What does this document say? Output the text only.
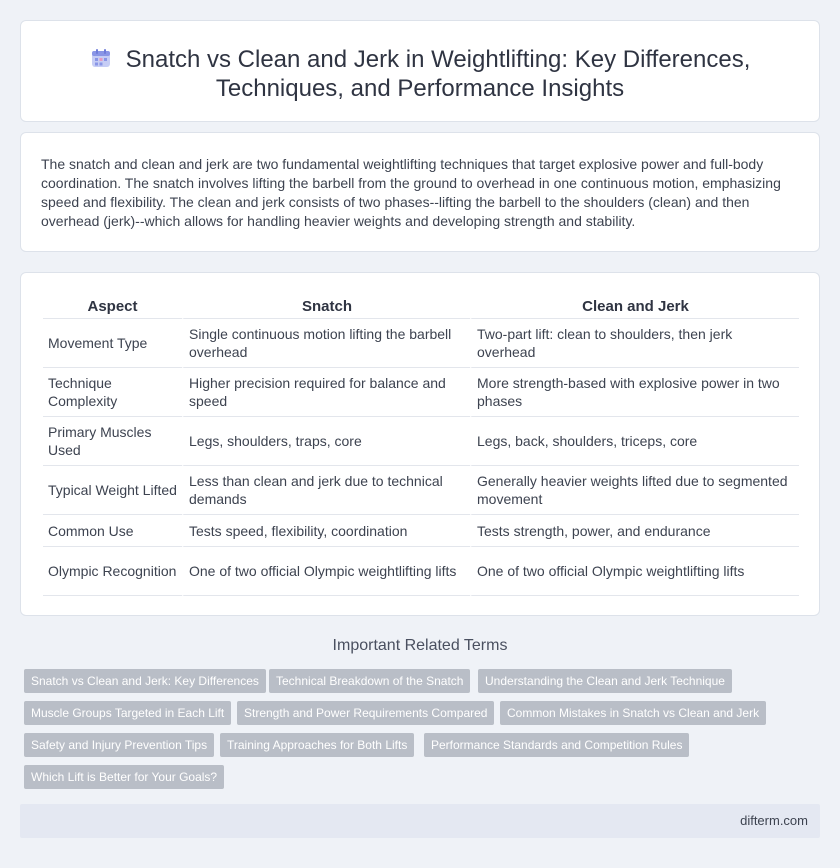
Snatch vs Clean and Jerk in Weightlifting: Key Differences,
Techniques, and Performance Insights

The snatch and clean and jerk are two fundamental weightlifting techniques that target explosive power and full-body coordination. The snatch involves lifting the barbell from the ground to overhead in one continuous motion, emphasizing speed and flexibility. The clean and jerk consists of two phases--lifting the barbell to the shoulders (clean) and then overhead (jerk)--which allows for handling heavier weights and developing strength and stability.

Aspect	Snatch	Clean and Jerk
Movement Type	Single continuous motion lifting the barbell overhead	Two-part lift: clean to shoulders, then jerk overhead
Technique Complexity	Higher precision required for balance and speed	More strength-based with explosive power in two phases
Primary Muscles Used	Legs, shoulders, traps, core	Legs, back, shoulders, triceps, core
Typical Weight Lifted	Less than clean and jerk due to technical demands	Generally heavier weights lifted due to segmented movement
Common Use	Tests speed, flexibility, coordination	Tests strength, power, and endurance
Olympic Recognition	One of two official Olympic weightlifting lifts	One of two official Olympic weightlifting lifts
Important Related Terms
Snatch vs Clean and Jerk: Key Differences	Technical Breakdown of the Snatch	Understanding the Clean and Jerk Technique
Muscle Groups Targeted in Each Lift	Strength and Power Requirements Compared	Common Mistakes in Snatch vs Clean and Jerk
Safety and Injury Prevention Tips	Training Approaches for Both Lifts	Performance Standards and Competition Rules
Which Lift is Better for Your Goals?
difterm.com
